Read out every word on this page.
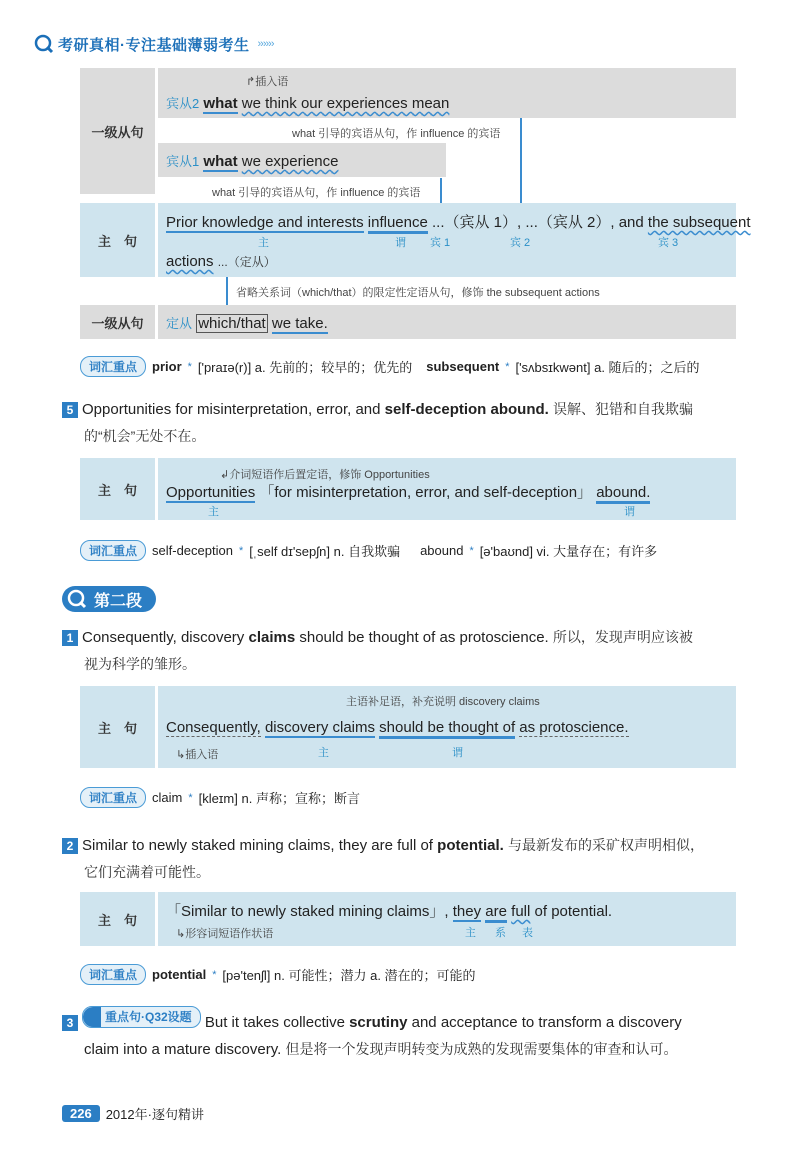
考研真相·专注基础薄弱考生 ››››››
一级从句
↱插入语
宾从2 what we think our experiences mean
what 引导的宾语从句，作 influence 的宾语
宾从1 what we experience
what 引导的宾语从句，作 influence 的宾语
主　句
Prior knowledge and interests influence ...（宾从 1）, ...（宾从 2）, and the subsequent
主	谓 宾 1	宾 2	宾 3
actions ...（定从）
省略关系词（which/that）的限定性定语从句，修饰 the subsequent actions
一级从句	定从 which/that we take.
词汇重点	prior * ['praɪə(r)] a. 先前的；较早的；优先的 subsequent * ['sʌbsɪkwənt] a. 随后的；之后的
5 Opportunities for misinterpretation, error, and self-deception abound. 误解、犯错和自我欺骗
的“机会”无处不在。
主　句
↲介词短语作后置定语，修饰 Opportunities
Opportunities 「for misinterpretation, error, and self-deception」 abound.
主	谓
词汇重点	self-deception * [ˌself dɪ'sepʃn] n. 自我欺骗 abound * [ə'baʊnd] vi. 大量存在；有许多
第二段
1 Consequently, discovery claims should be thought of as protoscience. 所以，发现声明应该被
视为科学的雏形。
主　句
主语补足语，补充说明 discovery claims
Consequently, discovery claims should be thought of as protoscience.
↳插入语	主	谓
词汇重点	claim * [kleɪm] n. 声称；宣称；断言
2 Similar to newly staked mining claims, they are full of potential. 与最新发布的采矿权声明相似，
它们充满着可能性。
主　句	「Similar to newly staked mining claims」, they are full of potential.
↳形容词短语作状语	主 系 表
词汇重点	potential * [pə'tenʃl] n. 可能性；潜力 a. 潜在的；可能的
3	重点句·Q32设题 But it takes collective scrutiny and acceptance to transform a discovery
claim into a mature discovery. 但是将一个发现声明转变为成熟的发现需要集体的审查和认可。
226	2012年·逐句精讲
